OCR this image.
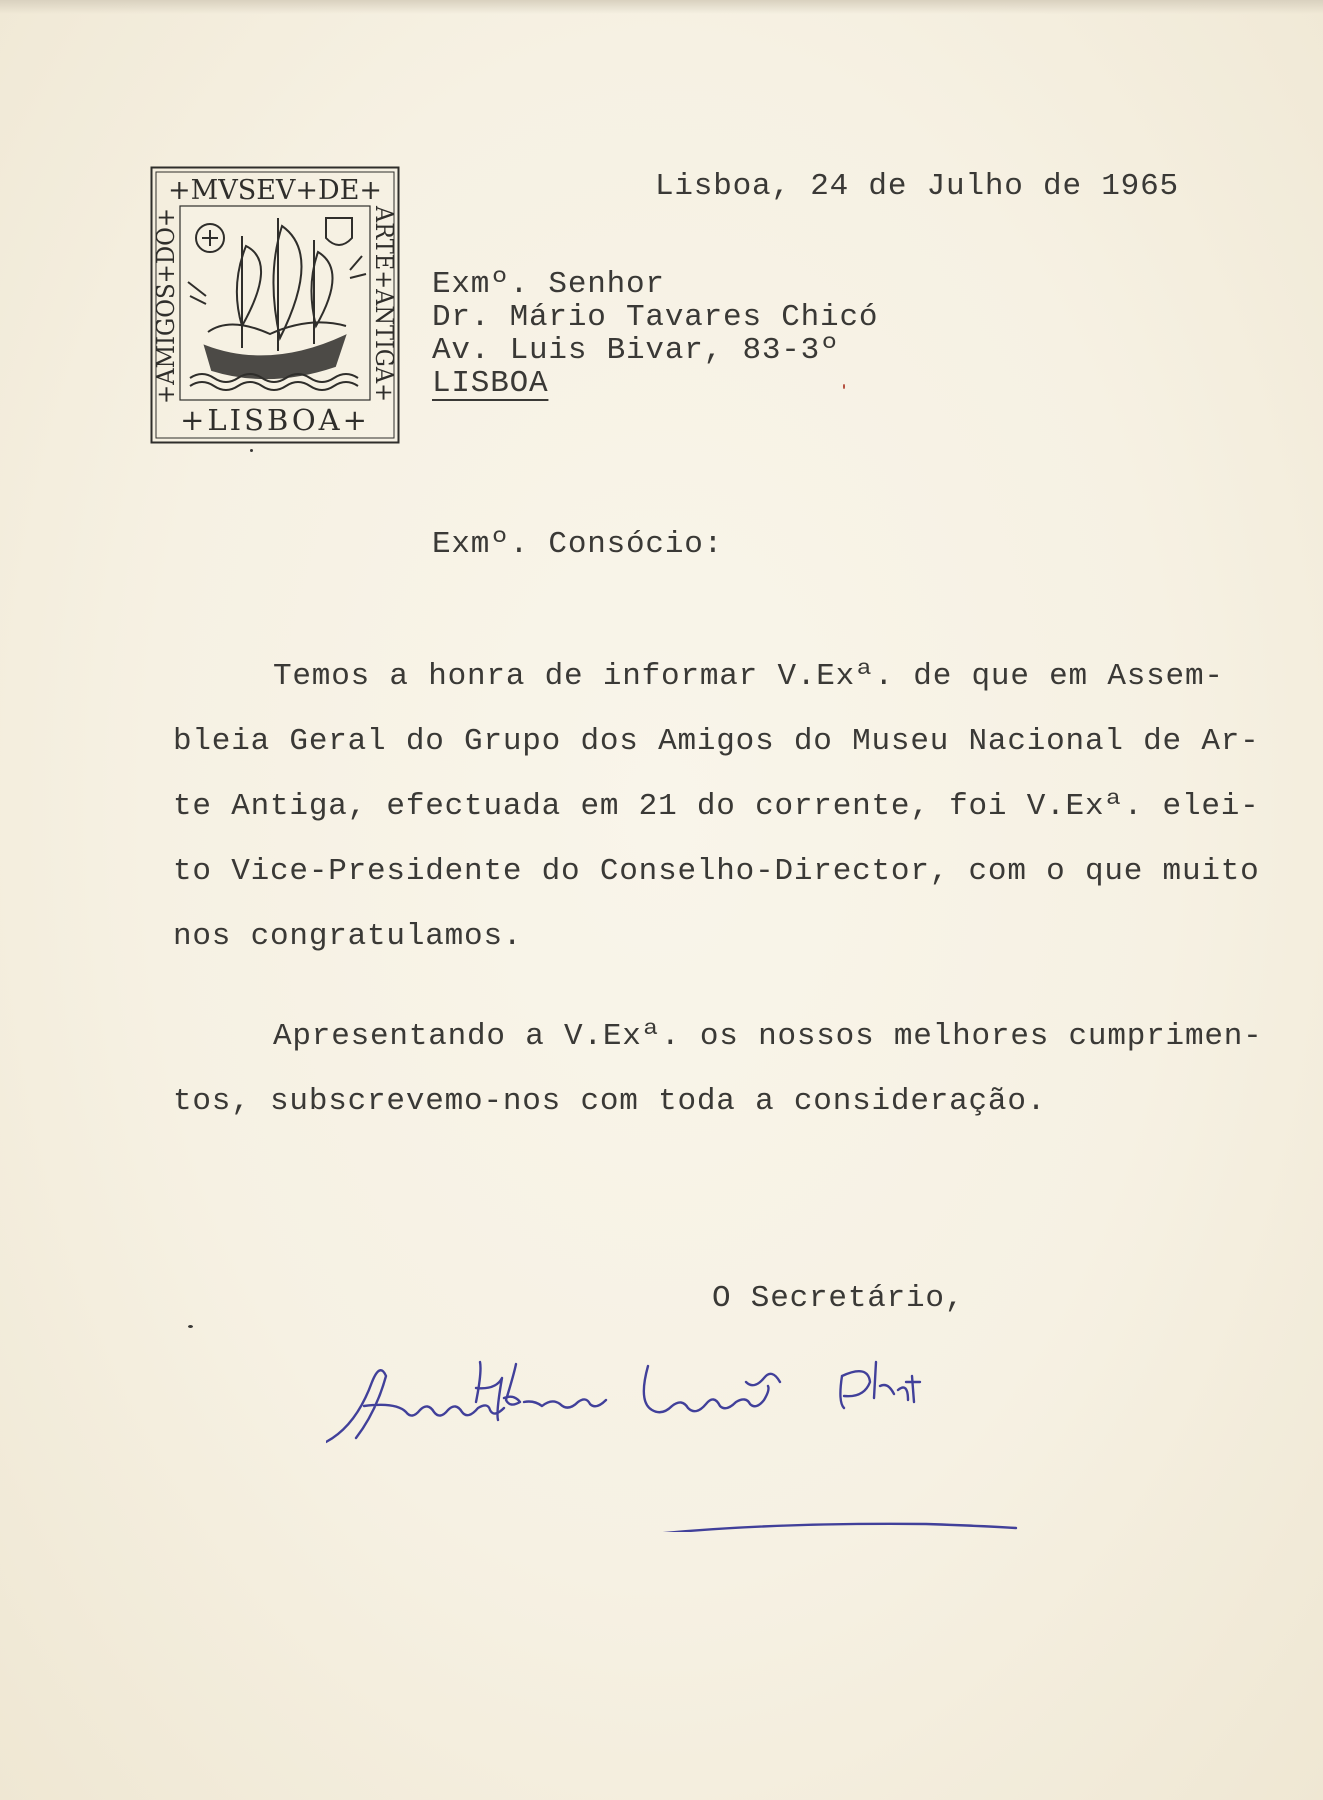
+MVSEV+DE+
+LISBOA+
ARTE+ANTIGA+
+AMIGOS+DO+
Lisboa, 24 de Julho de 1965
Exmº. Senhor
Dr. Mário Tavares Chicó
Av. Luis Bivar, 83-3º
LISBOA
Exmº. Consócio:
Temos a honra de informar V.Exª. de que em Assem-
bleia Geral do Grupo dos Amigos do Museu Nacional de Ar-
te Antiga, efectuada em 21 do corrente, foi V.Exª. elei-
to Vice-Presidente do Conselho-Director, com o que muito
nos congratulamos.
Apresentando a V.Exª. os nossos melhores cumprimen-
tos, subscrevemo-nos com toda a consideração.
O Secretário,
